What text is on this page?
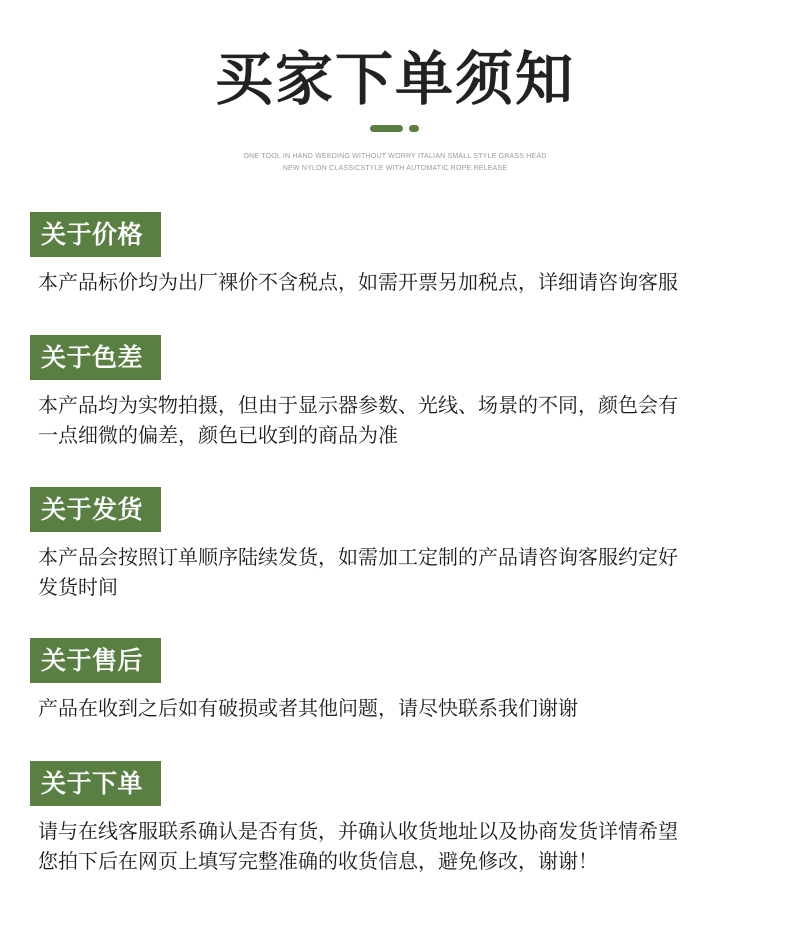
买家下单须知
ONE TOOL IN HAND WEEDING WITHOUT WORRY ITALIAN SMALL STYLE GRASS HEAD
NEW NYLON CLASSICSTYLE WITH AUTOMATIC ROPE RELEASE
关于价格
本产品标价均为出厂裸价不含税点，如需开票另加税点，详细请咨询客服
关于色差
本产品均为实物拍摄，但由于显示器参数、光线、场景的不同，颜色会有
一点细微的偏差，颜色已收到的商品为准
关于发货
本产品会按照订单顺序陆续发货，如需加工定制的产品请咨询客服约定好
发货时间
关于售后
产品在收到之后如有破损或者其他问题，请尽快联系我们谢谢
关于下单
请与在线客服联系确认是否有货，并确认收货地址以及协商发货详情希望
您拍下后在网页上填写完整准确的收货信息，避免修改，谢谢！
